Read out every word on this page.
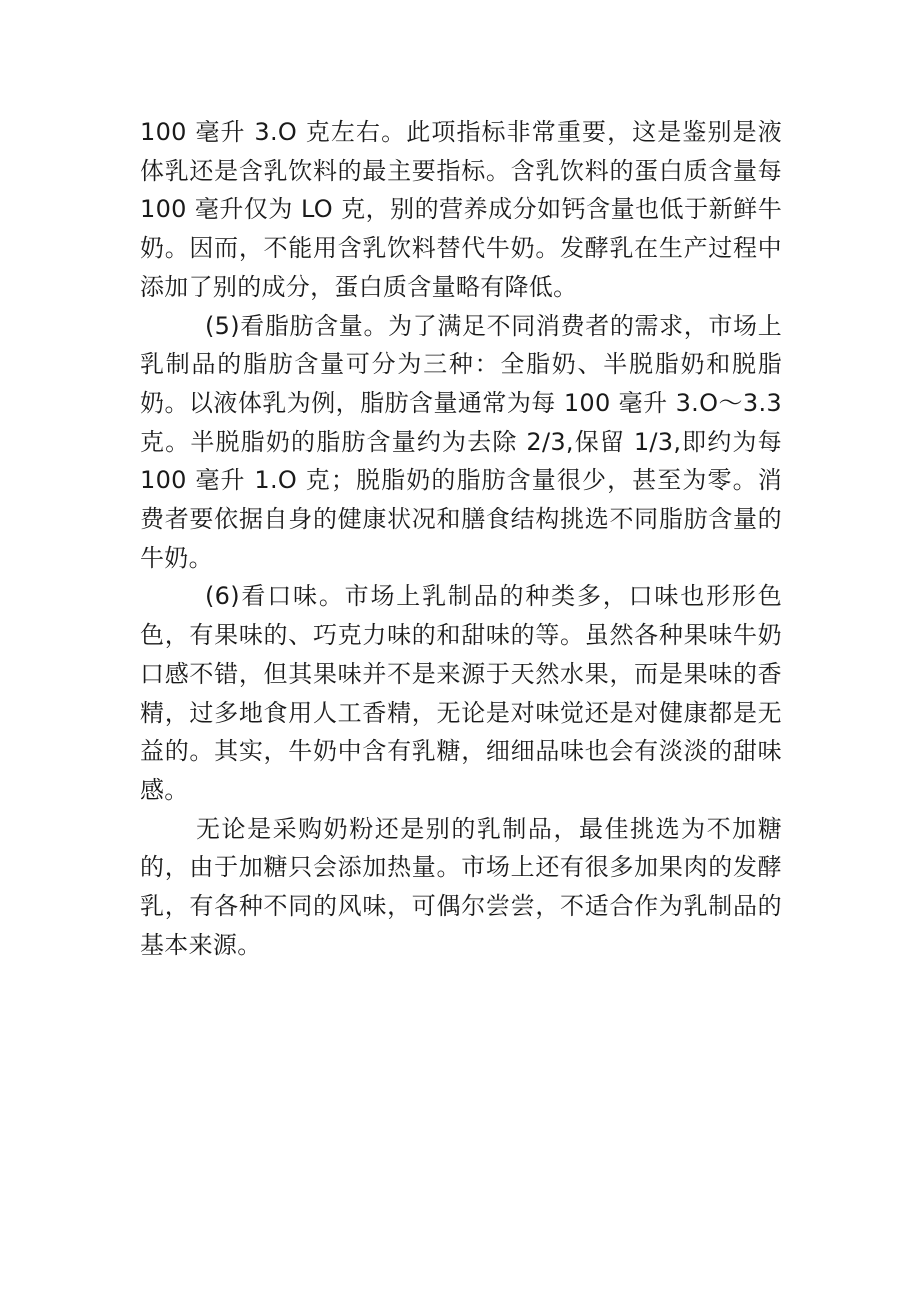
100 毫升 3.O 克左右。此项指标非常重要，这是鉴别是液体乳还是含乳饮料的最主要指标。含乳饮料的蛋白质含量每 100 毫升仅为 LO 克，别的营养成分如钙含量也低于新鲜牛奶。因而，不能用含乳饮料替代牛奶。发酵乳在生产过程中添加了别的成分，蛋白质含量略有降低。

(5)看脂肪含量。为了满足不同消费者的需求，市场上乳制品的脂肪含量可分为三种：全脂奶、半脱脂奶和脱脂奶。以液体乳为例，脂肪含量通常为每 100 毫升 3.O～3.3 克。半脱脂奶的脂肪含量约为去除 2/3,保留 1/3,即约为每 100 毫升 1.O 克；脱脂奶的脂肪含量很少，甚至为零。消费者要依据自身的健康状况和膳食结构挑选不同脂肪含量的牛奶。

(6)看口味。市场上乳制品的种类多，口味也形形色色，有果味的、巧克力味的和甜味的等。虽然各种果味牛奶口感不错，但其果味并不是来源于天然水果，而是果味的香精，过多地食用人工香精，无论是对味觉还是对健康都是无益的。其实，牛奶中含有乳糖，细细品味也会有淡淡的甜味感。

无论是采购奶粉还是别的乳制品，最佳挑选为不加糖的，由于加糖只会添加热量。市场上还有很多加果肉的发酵乳，有各种不同的风味，可偶尔尝尝，不适合作为乳制品的基本来源。
